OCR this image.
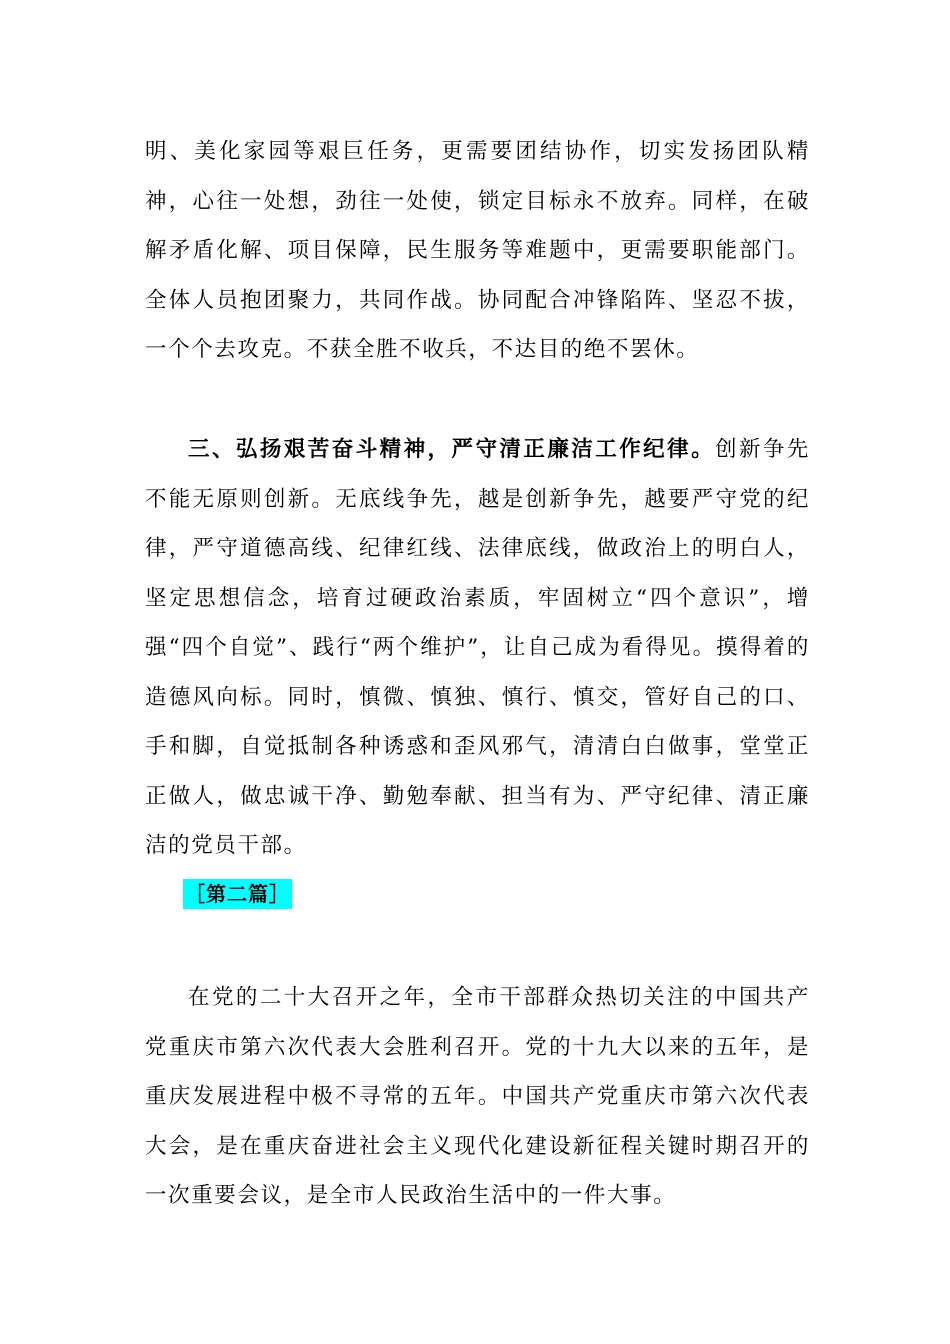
明、美化家园等艰巨任务，更需要团结协作，切实发扬团队精神，心往一处想，劲往一处使，锁定目标永不放弃。同样，在破解矛盾化解、项目保障，民生服务等难题中，更需要职能部门。全体人员抱团聚力，共同作战。协同配合冲锋陷阵、坚忍不拔，一个个去攻克。不获全胜不收兵，不达目的绝不罢休。

三、弘扬艰苦奋斗精神，严守清正廉洁工作纪律。创新争先不能无原则创新。无底线争先，越是创新争先，越要严守党的纪律，严守道德高线、纪律红线、法律底线，做政治上的明白人，坚定思想信念，培育过硬政治素质，牢固树立“四个意识”，增强“四个自觉”、践行“两个维护”，让自己成为看得见。摸得着的造德风向标。同时，慎微、慎独、慎行、慎交，管好自己的口、手和脚，自觉抵制各种诱惑和歪风邪气，清清白白做事，堂堂正正做人，做忠诚干净、勤勉奉献、担当有为、严守纪律、清正廉洁的党员干部。

［第二篇］

在党的二十大召开之年，全市干部群众热切关注的中国共产党重庆市第六次代表大会胜利召开。党的十九大以来的五年，是重庆发展进程中极不寻常的五年。中国共产党重庆市第六次代表大会，是在重庆奋进社会主义现代化建设新征程关键时期召开的一次重要会议，是全市人民政治生活中的一件大事。
